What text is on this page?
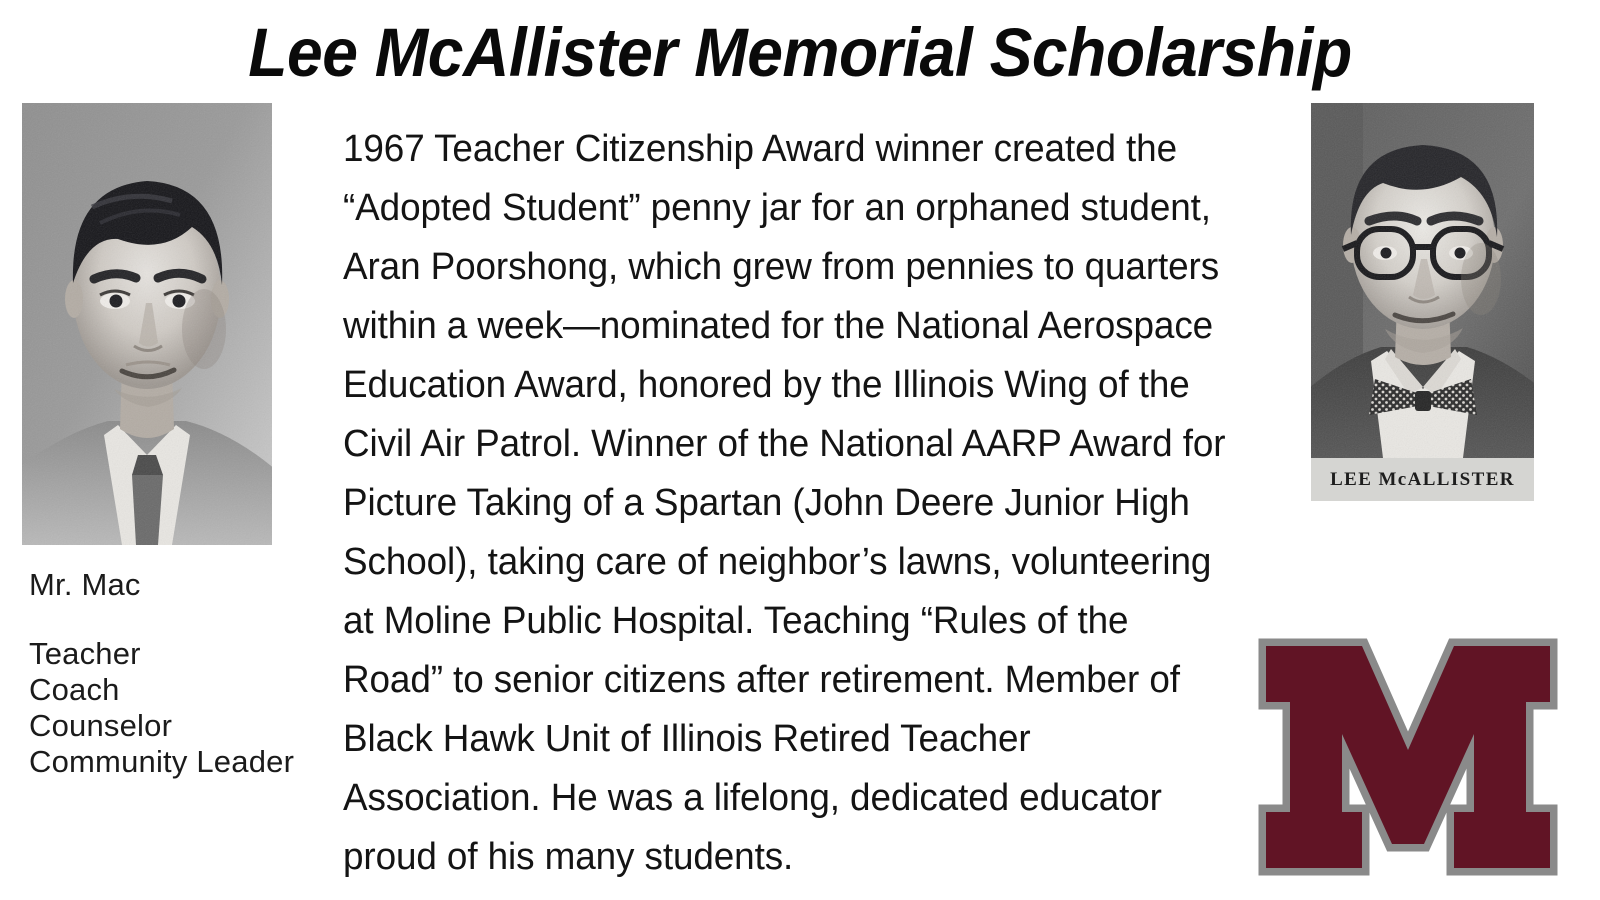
Lee McAllister Memorial Scholarship
Mr. Mac
Teacher
Coach
Counselor
Community Leader

1967 Teacher Citizenship Award winner created the “Adopted Student” penny jar for an orphaned student, Aran Poorshong, which grew from pennies to quarters within a week—nominated for the National Aerospace Education Award, honored by the Illinois Wing of the Civil Air Patrol. Winner of the National AARP Award for Picture Taking of a Spartan (John Deere Junior High School), taking care of neighbor’s lawns, volunteering at Moline Public Hospital. Teaching “Rules of the Road” to senior citizens after retirement. Member of Black Hawk Unit of Illinois Retired Teacher Association. He was a lifelong, dedicated educator proud of his many students.

LEE McALLISTER
